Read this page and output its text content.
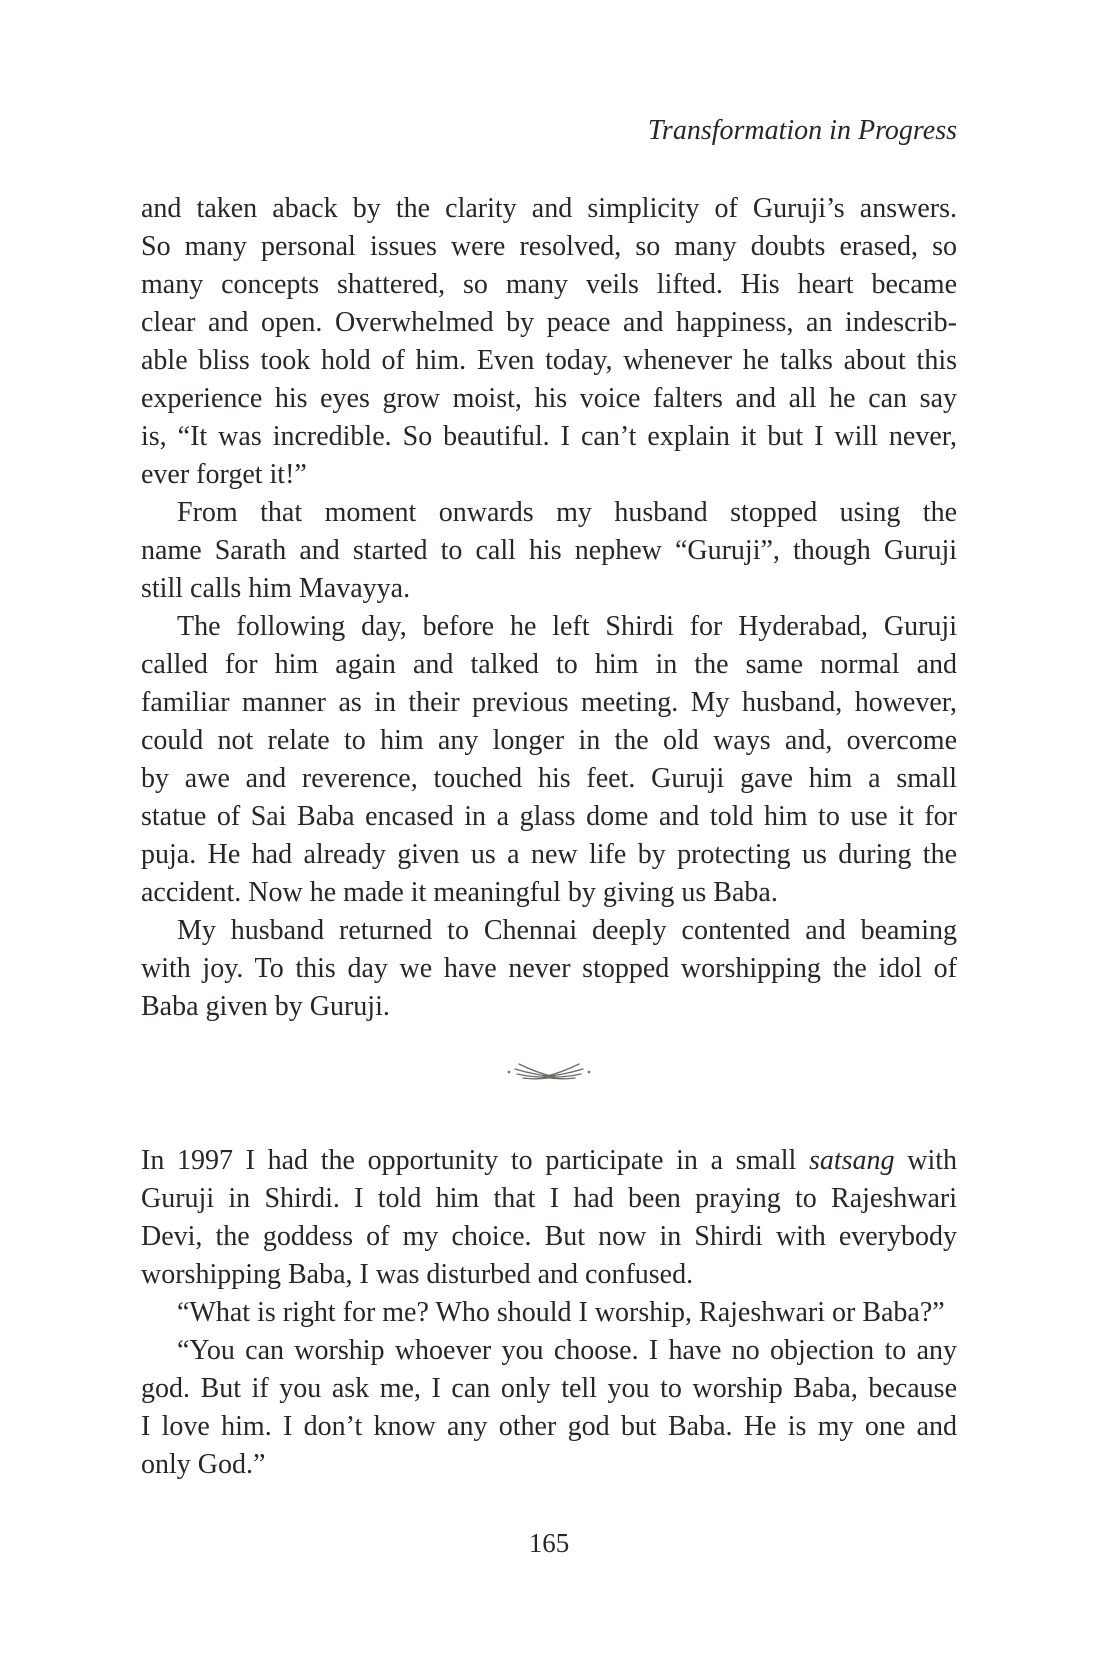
Transformation in Progress
and taken aback by the clarity and simplicity of Guruji’s answers.
So many personal issues were resolved, so many doubts erased, so
many concepts shattered, so many veils lifted. His heart became
clear and open. Overwhelmed by peace and happiness, an indescrib-
able bliss took hold of him. Even today, whenever he talks about this
experience his eyes grow moist, his voice falters and all he can say
is, “It was incredible. So beautiful. I can’t explain it but I will never,
ever forget it!”
From that moment onwards my husband stopped using the
name Sarath and started to call his nephew “Guruji”, though Guruji
still calls him Mavayya.
The following day, before he left Shirdi for Hyderabad, Guruji
called for him again and talked to him in the same normal and
familiar manner as in their previous meeting. My husband, however,
could not relate to him any longer in the old ways and, overcome
by awe and reverence, touched his feet. Guruji gave him a small
statue of Sai Baba encased in a glass dome and told him to use it for
puja. He had already given us a new life by protecting us during the
accident. Now he made it meaningful by giving us Baba.
My husband returned to Chennai deeply contented and beaming
with joy. To this day we have never stopped worshipping the idol of
Baba given by Guruji.
In 1997 I had the opportunity to participate in a small satsang with
Guruji in Shirdi. I told him that I had been praying to Rajeshwari
Devi, the goddess of my choice. But now in Shirdi with everybody
worshipping Baba, I was disturbed and confused.
“What is right for me? Who should I worship, Rajeshwari or Baba?”
“You can worship whoever you choose. I have no objection to any
god. But if you ask me, I can only tell you to worship Baba, because
I love him. I don’t know any other god but Baba. He is my one and
only God.”
165
